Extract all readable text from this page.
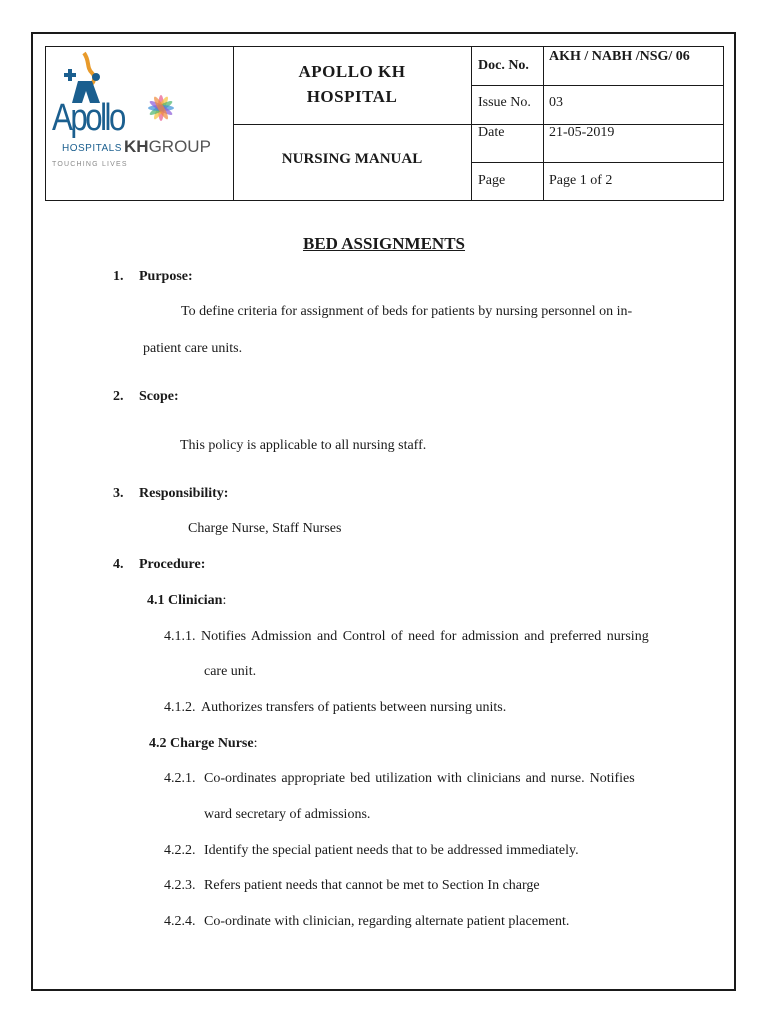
Apollo
HOSPITALS
TOUCHING LIVES
KHGROUP
APOLLO KH
HOSPITAL
NURSING MANUAL
Doc. No.
AKH / NABH /NSG/ 06
Issue No. 03
Date	21-05-2019
Page	Page 1 of 2
BED ASSIGNMENTS
1. Purpose:
To define criteria for assignment of beds for patients by nursing personnel on in-
patient care units.
2. Scope:
This policy is applicable to all nursing staff.
3. Responsibility:
Charge Nurse, Staff Nurses
4. Procedure:
4.1 Clinician:
4.1.1. Notifies Admission and Control of need for admission and preferred nursing
care unit.
4.1.2. Authorizes transfers of patients between nursing units.
4.2 Charge Nurse:
4.2.1. Co-ordinates appropriate bed utilization with clinicians and nurse. Notifies
ward secretary of admissions.
4.2.2. Identify the special patient needs that to be addressed immediately.
4.2.3. Refers patient needs that cannot be met to Section In charge
4.2.4. Co-ordinate with clinician, regarding alternate patient placement.
